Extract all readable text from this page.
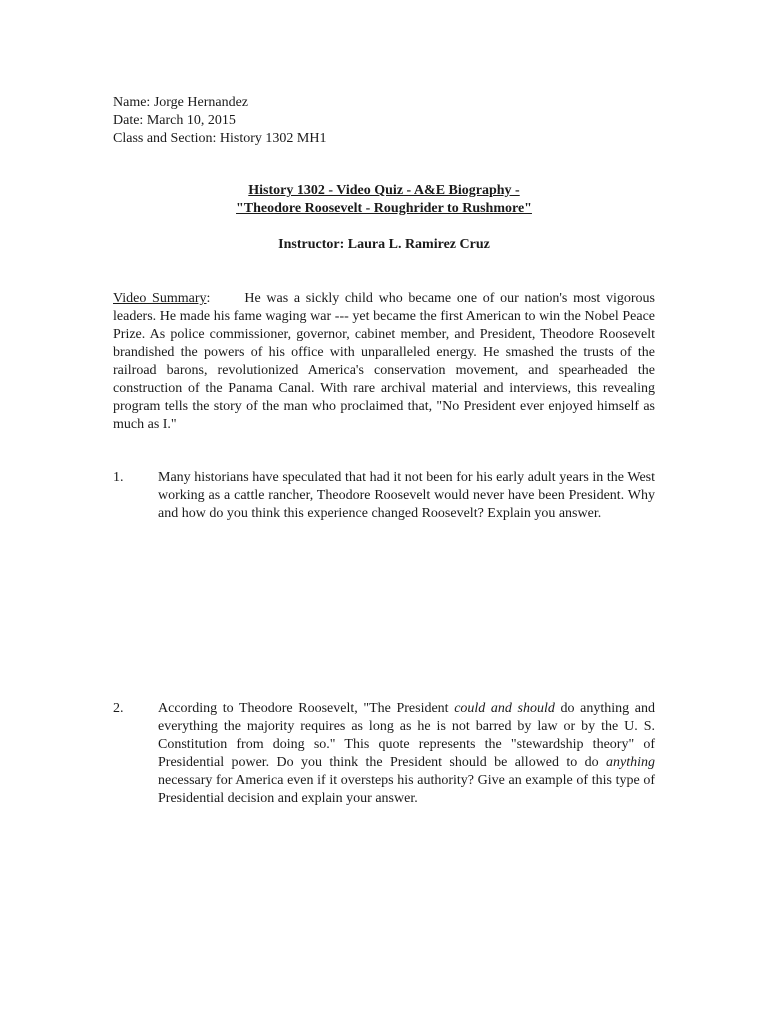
Name: Jorge Hernandez
Date: March 10, 2015
Class and Section: History 1302 MH1
History 1302 - Video Quiz - A&E Biography -
"Theodore Roosevelt - Roughrider to Rushmore"
Instructor: Laura L. Ramirez Cruz
Video Summary: He was a sickly child who became one of our nation's most vigorous leaders. He made his fame waging war --- yet became the first American to win the Nobel Peace Prize. As police commissioner, governor, cabinet member, and President, Theodore Roosevelt brandished the powers of his office with unparalleled energy. He smashed the trusts of the railroad barons, revolutionized America's conservation movement, and spearheaded the construction of the Panama Canal. With rare archival material and interviews, this revealing program tells the story of the man who proclaimed that, "No President ever enjoyed himself as much as I."
1.	Many historians have speculated that had it not been for his early adult years in the West working as a cattle rancher, Theodore Roosevelt would never have been President. Why and how do you think this experience changed Roosevelt? Explain you answer.
2.	According to Theodore Roosevelt, "The President could and should do anything and everything the majority requires as long as he is not barred by law or by the U. S. Constitution from doing so." This quote represents the "stewardship theory" of Presidential power. Do you think the President should be allowed to do anything necessary for America even if it oversteps his authority? Give an example of this type of Presidential decision and explain your answer.
